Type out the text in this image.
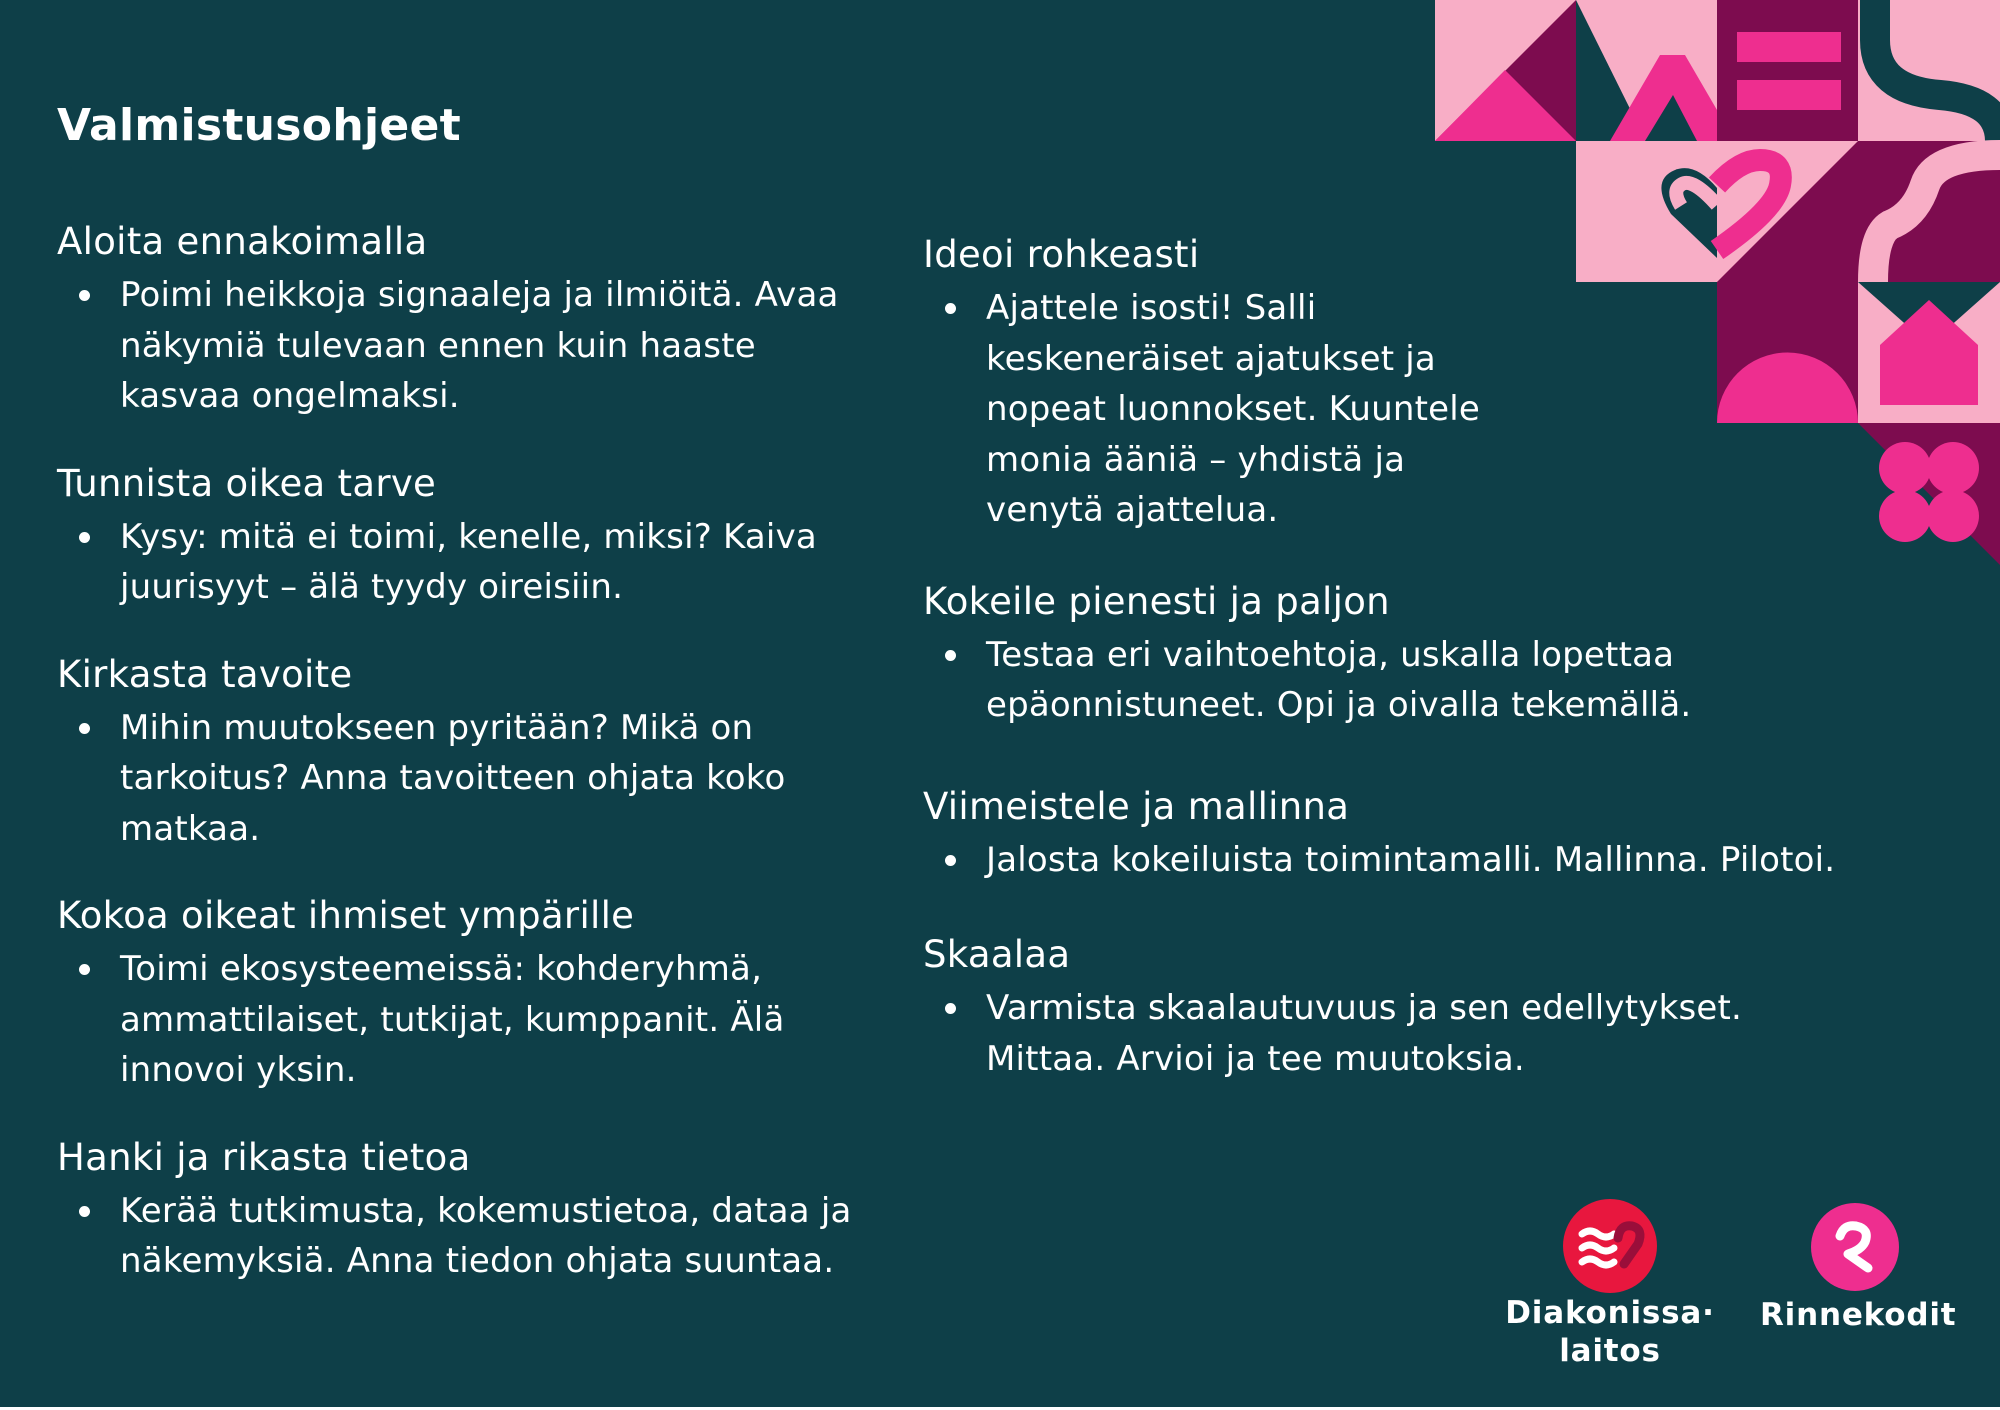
Valmistusohjeet
Aloita ennakoimalla
Poimi heikkoja signaaleja ja ilmiöitä. Avaa näkymiä tulevaan ennen kuin haaste kasvaa ongelmaksi.
Tunnista oikea tarve
Kysy: mitä ei toimi, kenelle, miksi? Kaiva juurisyyt – älä tyydy oireisiin.
Kirkasta tavoite
Mihin muutokseen pyritään? Mikä on tarkoitus? Anna tavoitteen ohjata koko matkaa.
Kokoa oikeat ihmiset ympärille
Toimi ekosysteemeissä: kohderyhmä, ammattilaiset, tutkijat, kumppanit. Älä innovoi yksin.
Hanki ja rikasta tietoa
Kerää tutkimusta, kokemustietoa, dataa ja näkemyksiä. Anna tiedon ohjata suuntaa.
Ideoi rohkeasti
Ajattele isosti! Salli keskeneräiset ajatukset ja nopeat luonnokset. Kuuntele monia ääniä – yhdistä ja venytä ajattelua.
Kokeile pienesti ja paljon
Testaa eri vaihtoehtoja, uskalla lopettaa epäonnistuneet. Opi ja oivalla tekemällä.
Viimeistele ja mallinna
Jalosta kokeiluista toimintamalli. Mallinna. Pilotoi.
Skaalaa
Varmista skaalautuvuus ja sen edellytykset. Mittaa. Arvioi ja tee muutoksia.
Diakonissa·
laitos
Rinnekodit
